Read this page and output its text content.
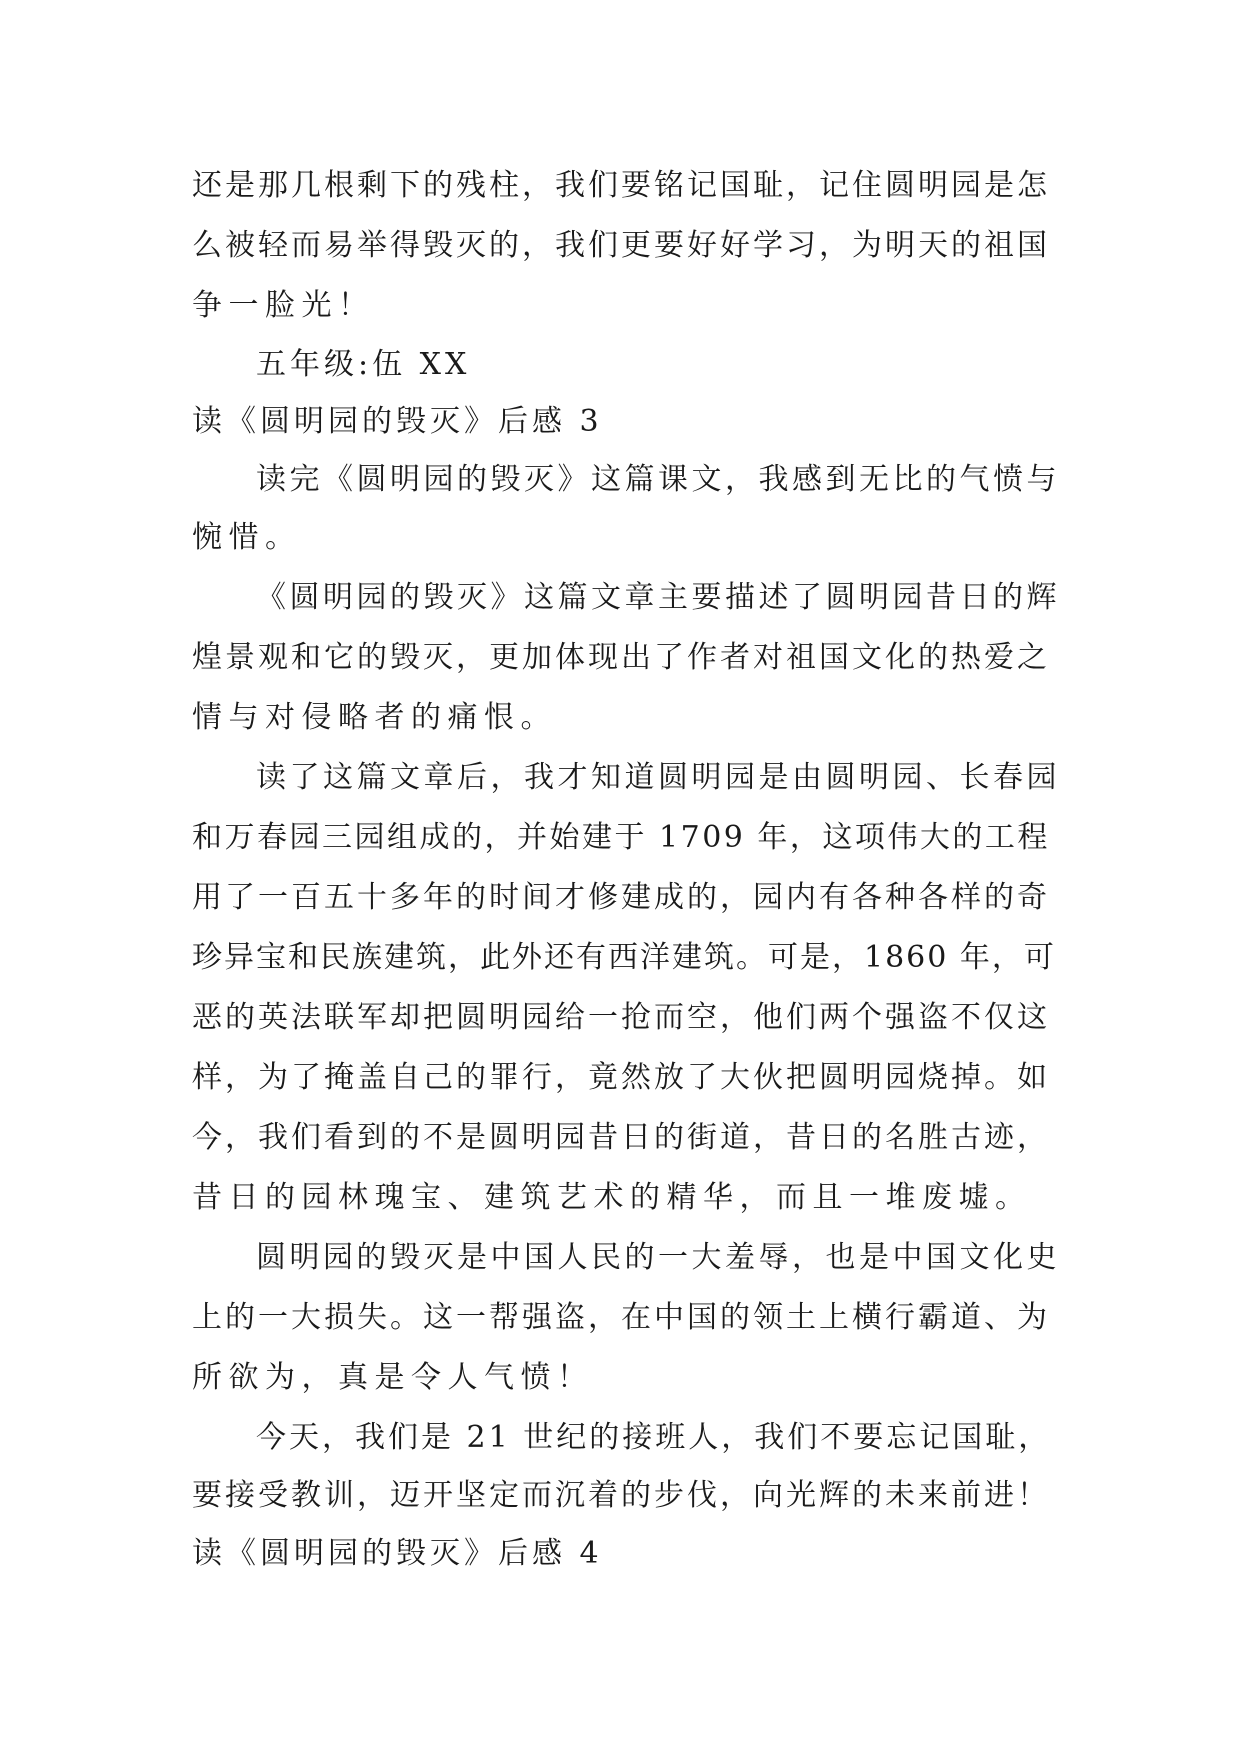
还是那几根剩下的残柱，我们要铭记国耻，记住圆明园是怎
么被轻而易举得毁灭的，我们更要好好学习，为明天的祖国
争一脸光！
五年级:伍 XX
读《圆明园的毁灭》后感 3
读完《圆明园的毁灭》这篇课文，我感到无比的气愤与
惋惜。
《圆明园的毁灭》这篇文章主要描述了圆明园昔日的辉
煌景观和它的毁灭，更加体现出了作者对祖国文化的热爱之
情与对侵略者的痛恨。
读了这篇文章后，我才知道圆明园是由圆明园、长春园
和万春园三园组成的，并始建于 1709 年，这项伟大的工程
用了一百五十多年的时间才修建成的，园内有各种各样的奇
珍异宝和民族建筑，此外还有西洋建筑。可是，1860 年，可
恶的英法联军却把圆明园给一抢而空，他们两个强盗不仅这
样，为了掩盖自己的罪行，竟然放了大伙把圆明园烧掉。如
今，我们看到的不是圆明园昔日的街道，昔日的名胜古迹，
昔日的园林瑰宝、建筑艺术的精华，而且一堆废墟。
圆明园的毁灭是中国人民的一大羞辱，也是中国文化史
上的一大损失。这一帮强盗，在中国的领土上横行霸道、为
所欲为，真是令人气愤！
今天，我们是 21 世纪的接班人，我们不要忘记国耻，
要接受教训，迈开坚定而沉着的步伐，向光辉的未来前进！
读《圆明园的毁灭》后感 4
